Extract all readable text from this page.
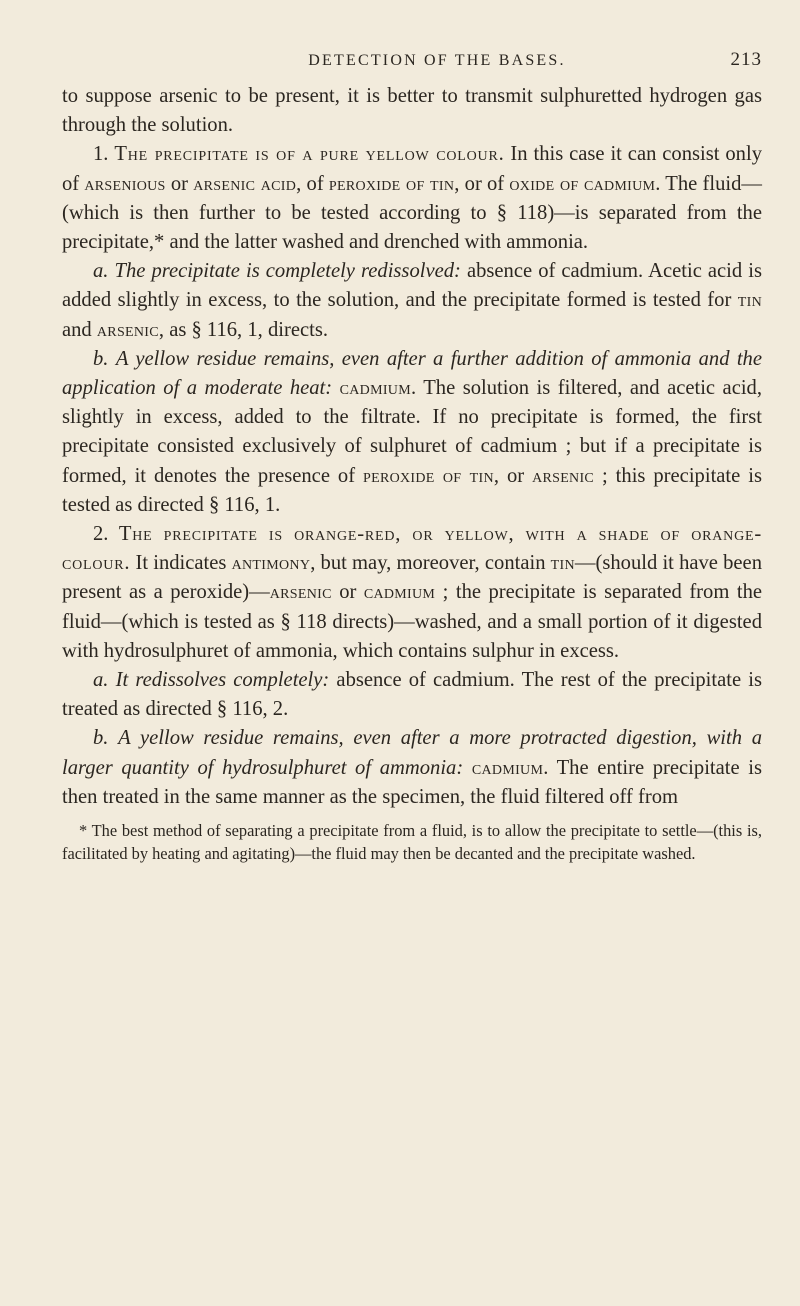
DETECTION OF THE BASES.	213

to suppose arsenic to be present, it is better to transmit sulphuretted hydrogen gas through the solution.

1. The precipitate is of a pure yellow colour. In this case it can consist only of arsenious or arsenic acid, of peroxide of tin, or of oxide of cadmium. The fluid—(which is then further to be tested according to § 118)—is separated from the precipitate,* and the latter washed and drenched with ammonia.

a. The precipitate is completely redissolved: absence of cadmium. Acetic acid is added slightly in excess, to the solution, and the precipitate formed is tested for tin and arsenic, as § 116, 1, directs.

b. A yellow residue remains, even after a further addition of ammonia and the application of a moderate heat: cadmium. The solution is filtered, and acetic acid, slightly in excess, added to the filtrate. If no precipitate is formed, the first precipitate consisted exclusively of sulphuret of cadmium ; but if a precipitate is formed, it denotes the presence of peroxide of tin, or arsenic ; this precipitate is tested as directed § 116, 1.

2. The precipitate is orange-red, or yellow, with a shade of orange-colour. It indicates antimony, but may, moreover, contain tin—(should it have been present as a peroxide)—arsenic or cadmium ; the precipitate is separated from the fluid—(which is tested as § 118 directs)—washed, and a small portion of it digested with hydrosulphuret of ammonia, which contains sulphur in excess.

a. It redissolves completely: absence of cadmium. The rest of the precipitate is treated as directed § 116, 2.

b. A yellow residue remains, even after a more protracted digestion, with a larger quantity of hydrosulphuret of ammonia: cadmium. The entire precipitate is then treated in the same manner as the specimen, the fluid filtered off from

* The best method of separating a precipitate from a fluid, is to allow the precipitate to settle—(this is, facilitated by heating and agitating)—the fluid may then be decanted and the precipitate washed.
